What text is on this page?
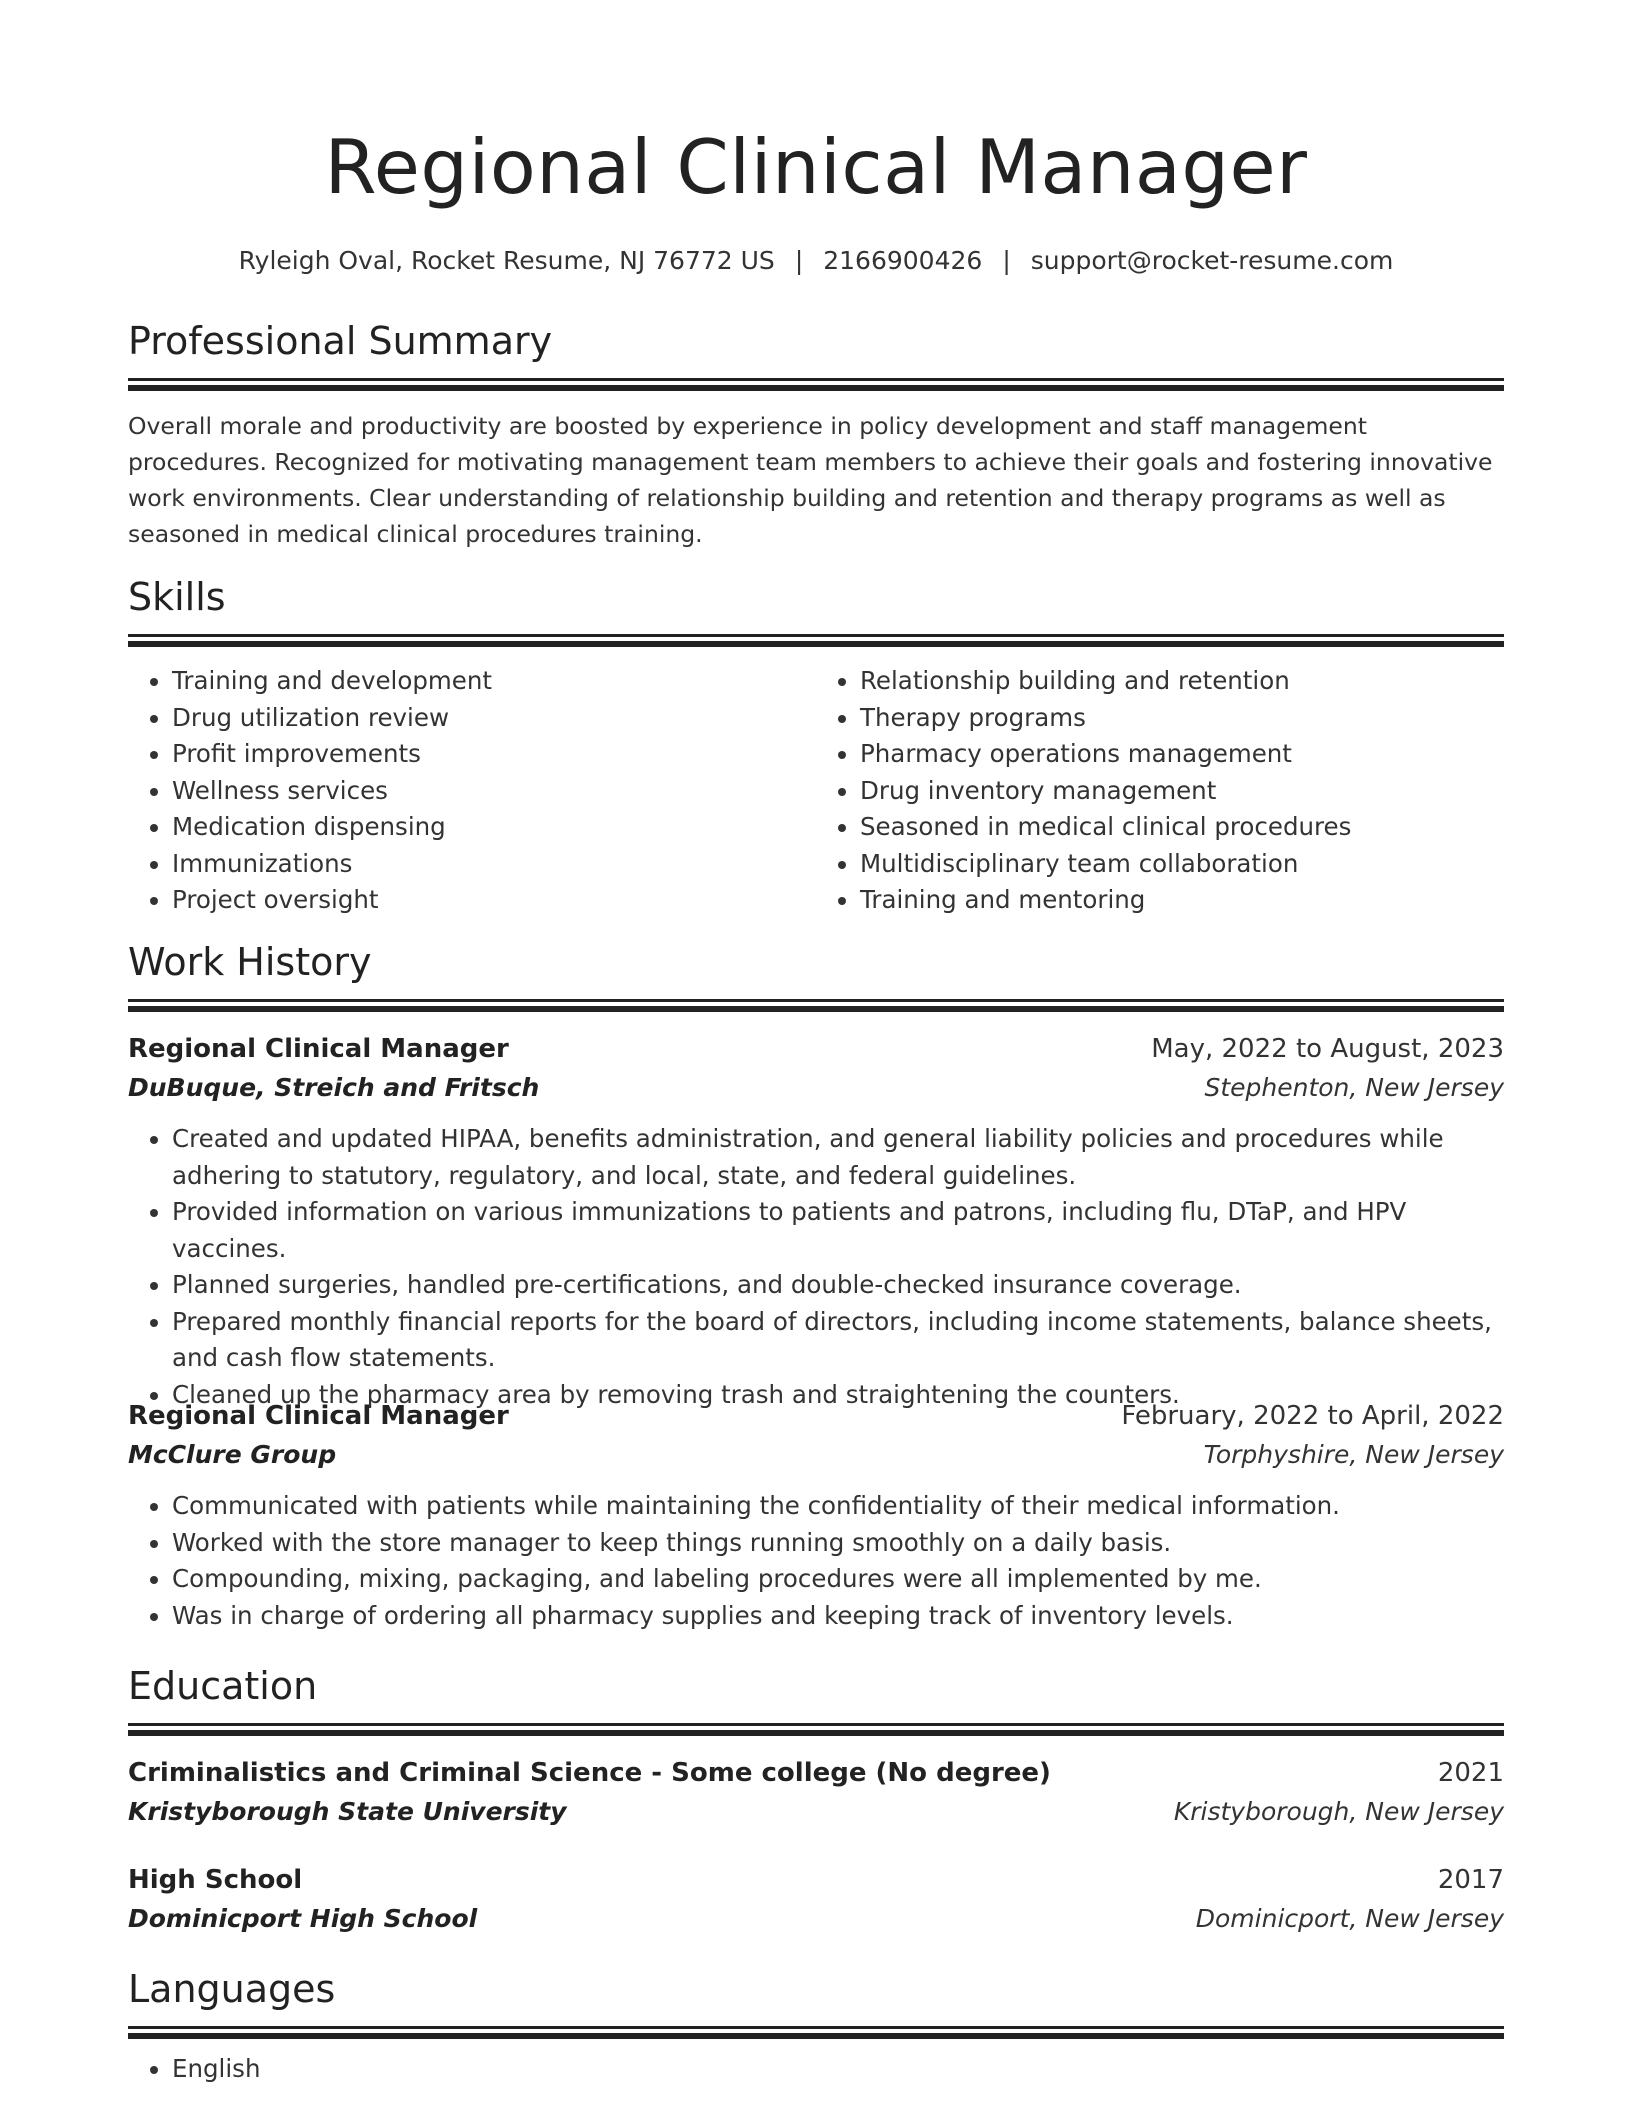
Regional Clinical Manager
Ryleigh Oval, Rocket Resume, NJ 76772 US | 2166900426 | support@rocket-resume.com
Professional Summary

Overall morale and productivity are boosted by experience in policy development and staff management procedures. Recognized for motivating management team members to achieve their goals and fostering innovative work environments. Clear understanding of relationship building and retention and therapy programs as well as seasoned in medical clinical procedures training.

Skills
• Training and development
• Drug utilization review
• Profit improvements
• Wellness services
• Medication dispensing
• Immunizations
• Project oversight
• Relationship building and retention
• Therapy programs
• Pharmacy operations management
• Drug inventory management
• Seasoned in medical clinical procedures
• Multidisciplinary team collaboration
• Training and mentoring
Work History
Regional Clinical Manager	May, 2022 to August, 2023
DuBuque, Streich and Fritsch	Stephenton, New Jersey
• Created and updated HIPAA, benefits administration, and general liability policies and procedures while adhering to statutory, regulatory, and local, state, and federal guidelines.
• Provided information on various immunizations to patients and patrons, including flu, DTaP, and HPV vaccines.
• Planned surgeries, handled pre-certifications, and double-checked insurance coverage.
• Prepared monthly financial reports for the board of directors, including income statements, balance sheets, and cash flow statements.
• Cleaned up the pharmacy area by removing trash and straightening the counters.
Regional Clinical Manager	February, 2022 to April, 2022
McClure Group	Torphyshire, New Jersey
• Communicated with patients while maintaining the confidentiality of their medical information.
• Worked with the store manager to keep things running smoothly on a daily basis.
• Compounding, mixing, packaging, and labeling procedures were all implemented by me.
• Was in charge of ordering all pharmacy supplies and keeping track of inventory levels.
Education
Criminalistics and Criminal Science - Some college (No degree)	2021
Kristyborough State University	Kristyborough, New Jersey
High School	2017
Dominicport High School	Dominicport, New Jersey
Languages
• English
